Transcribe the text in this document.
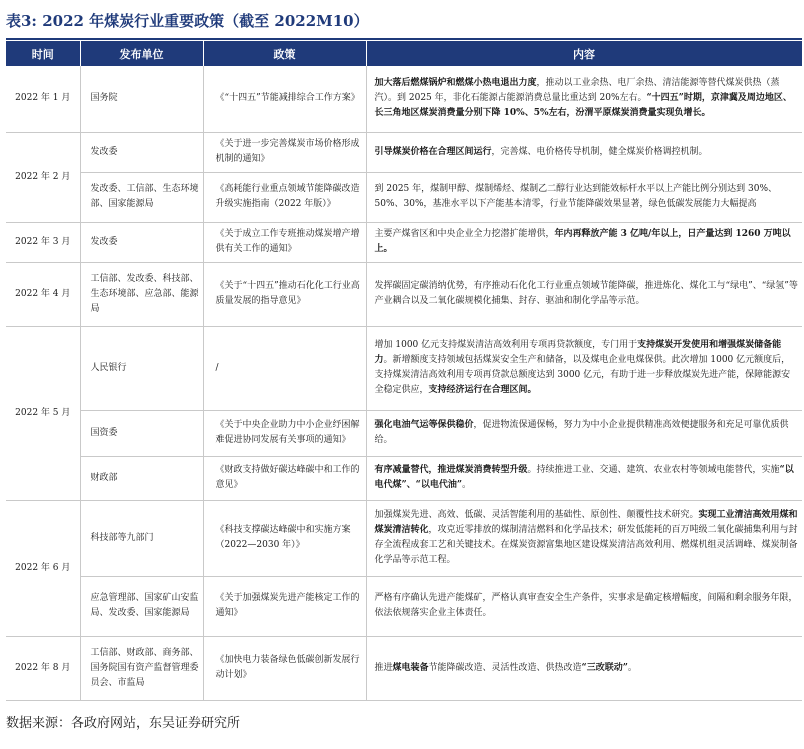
表3: 2022 年煤炭行业重要政策（截至 2022M10）
时间	发布单位	政策	内容
2022 年 1 月	国务院	《“十四五”节能减排综合工作方案》	加大落后燃煤锅炉和燃煤小热电退出力度，推动以工业余热、电厂余热、清洁能源等替代煤炭供热（蒸汽）。到 2025 年，非化石能源占能源消费总量比重达到 20%左右。“十四五”时期，京津冀及周边地区、长三角地区煤炭消费量分别下降 10%、5%左右，汾渭平原煤炭消费量实现负增长。
2022 年 2 月	发改委	《关于进一步完善煤炭市场价格形成机制的通知》	引导煤炭价格在合理区间运行，完善煤、电价格传导机制，健全煤炭价格调控机制。
	发改委、工信部、生态环境部、国家能源局	《高耗能行业重点领域节能降碳改造升级实施指南（2022 年版）》	到 2025 年，煤制甲醇、煤制烯烃、煤制乙二醇行业达到能效标杆水平以上产能比例分别达到 30%、50%、30%，基准水平以下产能基本清零，行业节能降碳效果显著，绿色低碳发展能力大幅提高
2022 年 3 月	发改委	《关于成立工作专班推动煤炭增产增供有关工作的通知》	主要产煤省区和中央企业全力挖潜扩能增供，年内再释放产能 3 亿吨/年以上，日产量达到 1260 万吨以上。
2022 年 4 月	工信部、发改委、科技部、生态环境部、应急部、能源局	《关于“十四五”推动石化化工行业高质量发展的指导意见》	发挥碳固定碳消纳优势，有序推动石化化工行业重点领域节能降碳，推进炼化、煤化工与“绿电”、“绿氢”等产业耦合以及二氧化碳规模化捕集、封存、驱油和制化学品等示范。
2022 年 5 月	人民银行	/	增加 1000 亿元支持煤炭清洁高效利用专项再贷款额度，专门用于支持煤炭开发使用和增强煤炭储备能力。新增额度支持领域包括煤炭安全生产和储备，以及煤电企业电煤保供。此次增加 1000 亿元额度后，支持煤炭清洁高效利用专项再贷款总额度达到 3000 亿元，有助于进一步释放煤炭先进产能，保障能源安全稳定供应，支持经济运行在合理区间。
	国资委	《关于中央企业助力中小企业纾困解难促进协同发展有关事项的通知》	强化电油气运等保供稳价，促进物流保通保畅，努力为中小企业提供精准高效便捷服务和充足可靠优质供给。
	财政部	《财政支持做好碳达峰碳中和工作的意见》	有序减量替代，推进煤炭消费转型升级。持续推进工业、交通、建筑、农业农村等领域电能替代，实施“以电代煤”、“以电代油”。
2022 年 6 月	科技部等九部门	《科技支撑碳达峰碳中和实施方案（2022—2030 年）》	加强煤炭先进、高效、低碳、灵活智能利用的基础性、原创性、颠覆性技术研究。实现工业清洁高效用煤和煤炭清洁转化，攻克近零排放的煤制清洁燃料和化学品技术；研发低能耗的百万吨级二氧化碳捕集利用与封存全流程成套工艺和关键技术。在煤炭资源富集地区建设煤炭清洁高效利用、燃煤机组灵活调峰、煤炭制备化学品等示范工程。
	应急管理部、国家矿山安监局、发改委、国家能源局	《关于加强煤炭先进产能核定工作的通知》	严格有序确认先进产能煤矿，严格认真审查安全生产条件，实事求是确定核增幅度，间隔和剩余服务年限，依法依规落实企业主体责任。
2022 年 8 月	工信部、财政部、商务部、国务院国有资产监督管理委员会、市监局	《加快电力装备绿色低碳创新发展行动计划》	推进煤电装备节能降碳改造、灵活性改造、供热改造“三改联动”。
数据来源：各政府网站，东吴证券研究所
